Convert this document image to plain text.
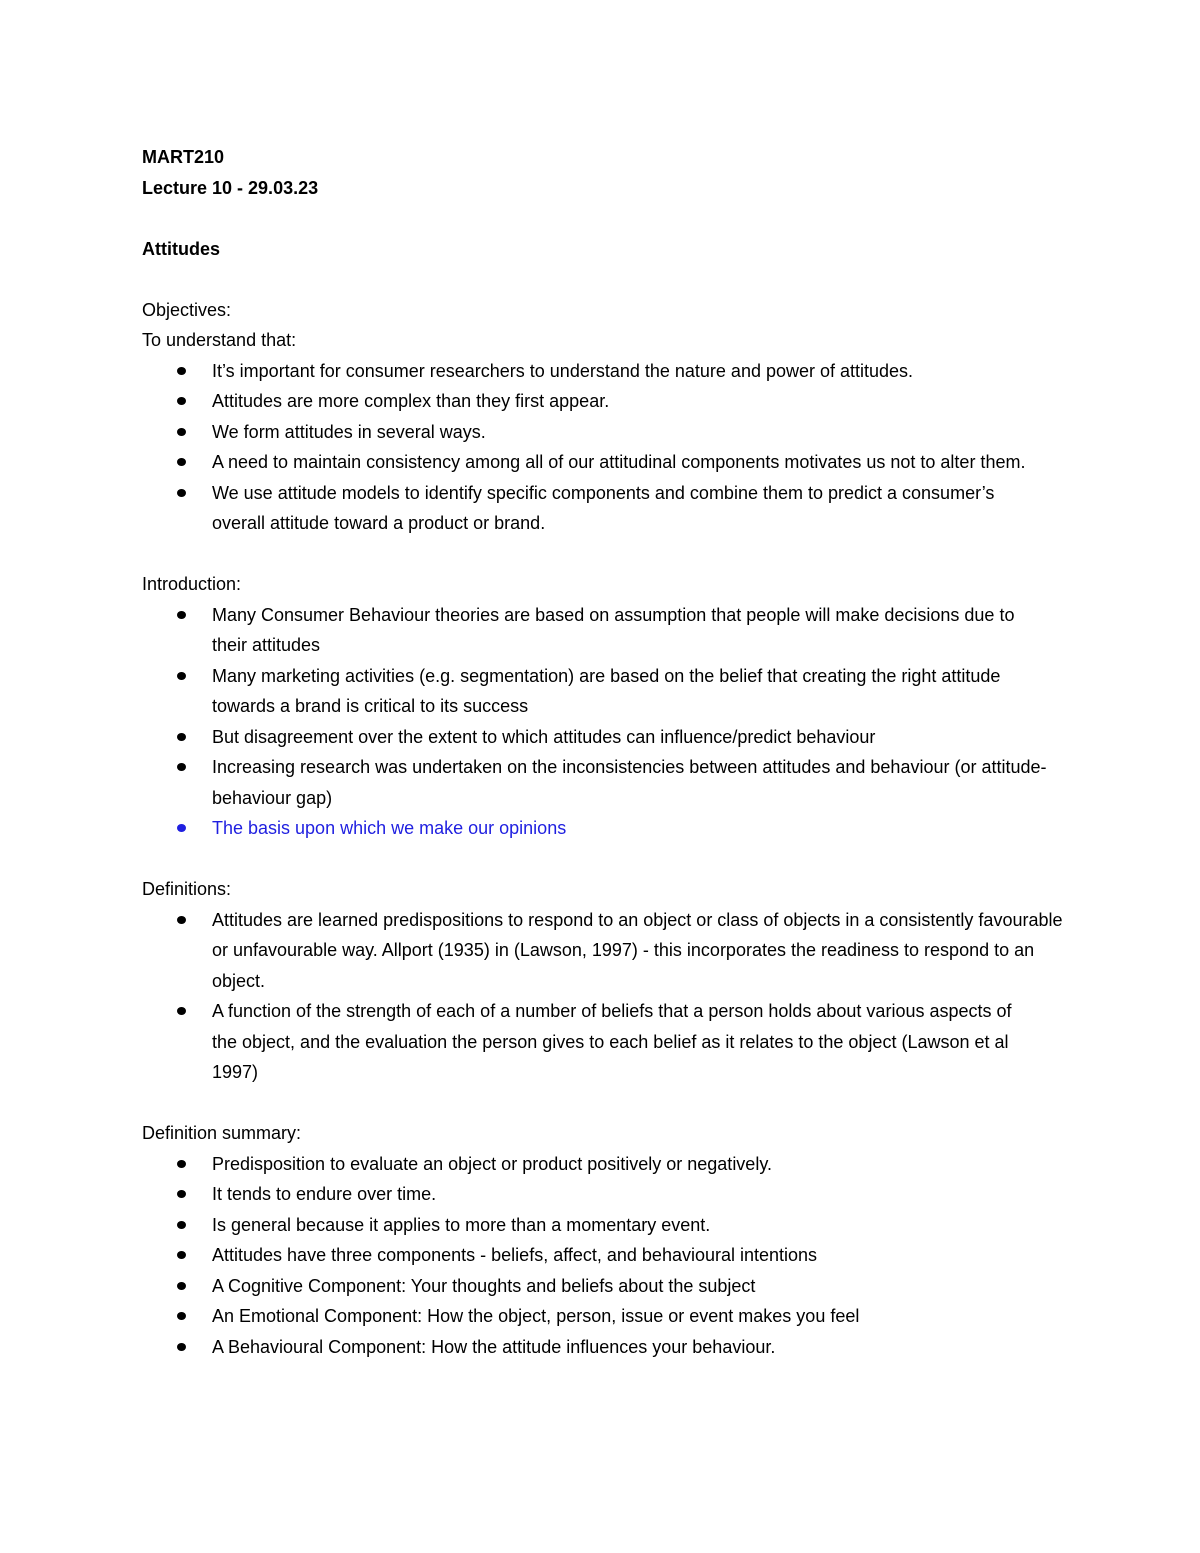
MART210
Lecture 10 - 29.03.23
Attitudes
Objectives:
To understand that:
It’s important for consumer researchers to understand the nature and power of attitudes.
Attitudes are more complex than they first appear.
We form attitudes in several ways.
A need to maintain consistency among all of our attitudinal components motivates us not to alter them.
We use attitude models to identify specific components and combine them to predict a consumer’s overall attitude toward a product or brand.
Introduction:
Many Consumer Behaviour theories are based on assumption that people will make decisions due to their attitudes
Many marketing activities (e.g. segmentation) are based on the belief that creating the right attitude towards a brand is critical to its success
But disagreement over the extent to which attitudes can influence/predict behaviour
Increasing research was undertaken on the inconsistencies between attitudes and behaviour (or attitude-behaviour gap)
The basis upon which we make our opinions
Definitions:
Attitudes are learned predispositions to respond to an object or class of objects in a consistently favourable or unfavourable way. Allport (1935) in (Lawson, 1997) - this incorporates the readiness to respond to an object.
A function of the strength of each of a number of beliefs that a person holds about various aspects of the object, and the evaluation the person gives to each belief as it relates to the object (Lawson et al 1997)
Definition summary:
Predisposition to evaluate an object or product positively or negatively.
It tends to endure over time.
Is general because it applies to more than a momentary event.
Attitudes have three components - beliefs, affect, and behavioural intentions
A Cognitive Component: Your thoughts and beliefs about the subject
An Emotional Component: How the object, person, issue or event makes you feel
A Behavioural Component: How the attitude influences your behaviour.
